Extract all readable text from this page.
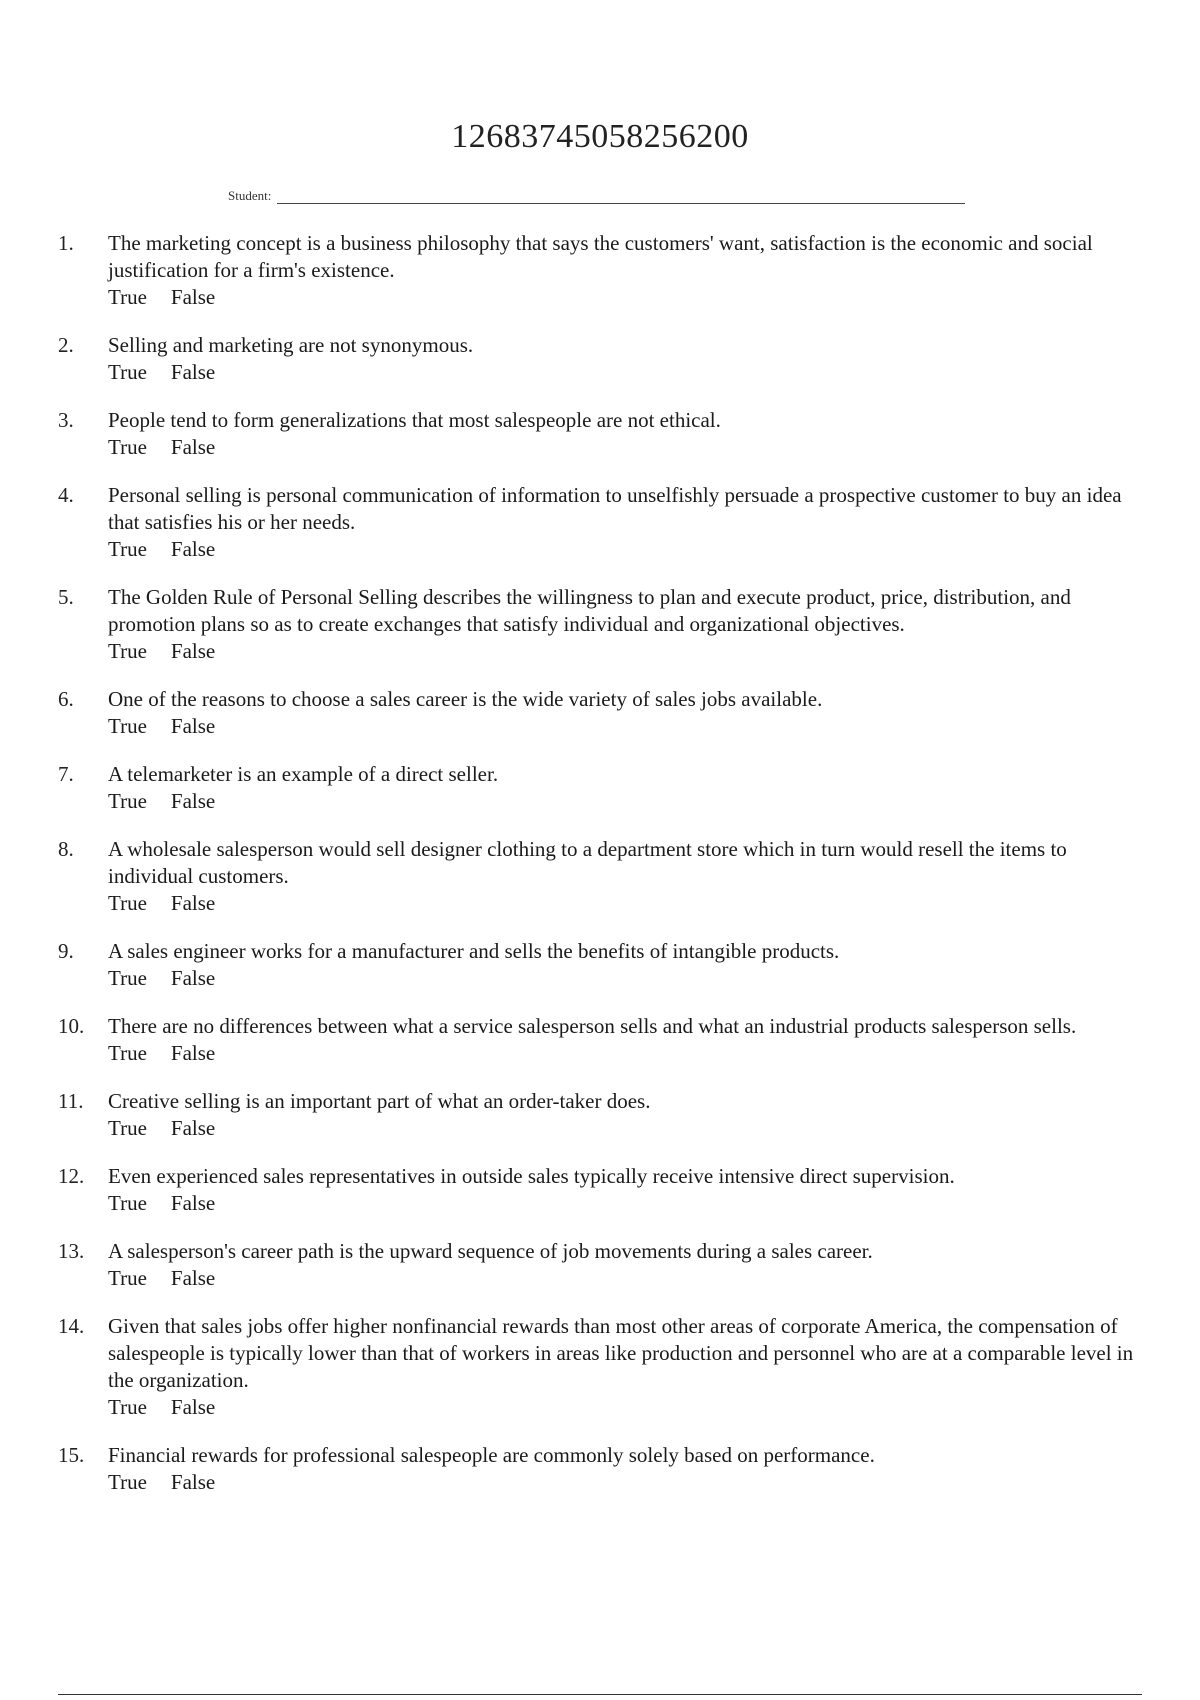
12683745058256200
Student:
1.	The marketing concept is a business philosophy that says the customers' want, satisfaction is the economic and social justification for a firm's existence.

True False
2.	Selling and marketing are not synonymous.

True False
3.	People tend to form generalizations that most salespeople are not ethical.

True False
4.	Personal selling is personal communication of information to unselfishly persuade a prospective customer to buy an idea that satisfies his or her needs.

True False
5.	The Golden Rule of Personal Selling describes the willingness to plan and execute product, price, distribution, and promotion plans so as to create exchanges that satisfy individual and organizational objectives.

True False
6.	One of the reasons to choose a sales career is the wide variety of sales jobs available.

True False
7.	A telemarketer is an example of a direct seller.

True False
8.	A wholesale salesperson would sell designer clothing to a department store which in turn would resell the items to individual customers.

True False
9.	A sales engineer works for a manufacturer and sells the benefits of intangible products.

True False
10.	There are no differences between what a service salesperson sells and what an industrial products salesperson sells.

True False
11.	Creative selling is an important part of what an order-taker does.

True False
12.	Even experienced sales representatives in outside sales typically receive intensive direct supervision.

True False
13.	A salesperson's career path is the upward sequence of job movements during a sales career.

True False
14.	Given that sales jobs offer higher nonfinancial rewards than most other areas of corporate America, the compensation of salespeople is typically lower than that of workers in areas like production and personnel who are at a comparable level in the organization.

True False
15.	Financial rewards for professional salespeople are commonly solely based on performance.

True False
